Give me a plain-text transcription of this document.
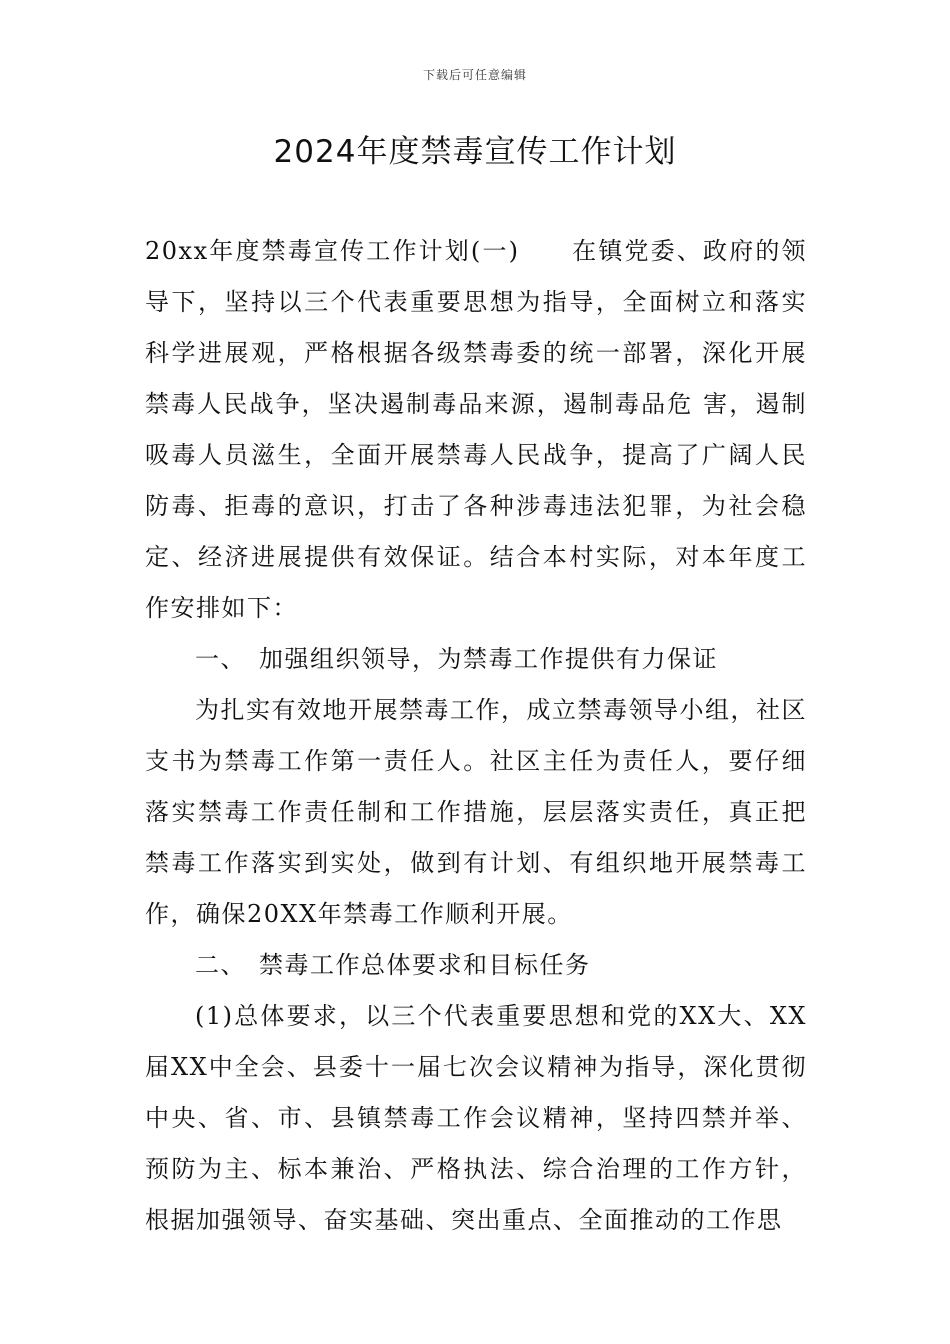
下载后可任意编辑
2024年度禁毒宣传工作计划

20xx年度禁毒宣传工作计划(一) 在镇党委、政府的领导下，坚持以三个代表重要思想为指导，全面树立和落实科学进展观，严格根据各级禁毒委的统一部署，深化开展禁毒人民战争，坚决遏制毒品来源，遏制毒品危 害，遏制吸毒人员滋生，全面开展禁毒人民战争，提高了广阔人民防毒、拒毒的意识，打击了各种涉毒违法犯罪，为社会稳定、经济进展提供有效保证。结合本村实际，对本年度工作安排如下：

一、 加强组织领导，为禁毒工作提供有力保证

为扎实有效地开展禁毒工作，成立禁毒领导小组，社区支书为禁毒工作第一责任人。社区主任为责任人，要仔细落实禁毒工作责任制和工作措施，层层落实责任，真正把禁毒工作落实到实处，做到有计划、有组织地开展禁毒工作，确保20XX年禁毒工作顺利开展。

二、 禁毒工作总体要求和目标任务

(1)总体要求，以三个代表重要思想和党的XX大、XX届XX中全会、县委十一届七次会议精神为指导，深化贯彻中央、省、市、县镇禁毒工作会议精神，坚持四禁并举、预防为主、标本兼治、严格执法、综合治理的工作方针，根据加强领导、奋实基础、突出重点、全面推动的工作思
